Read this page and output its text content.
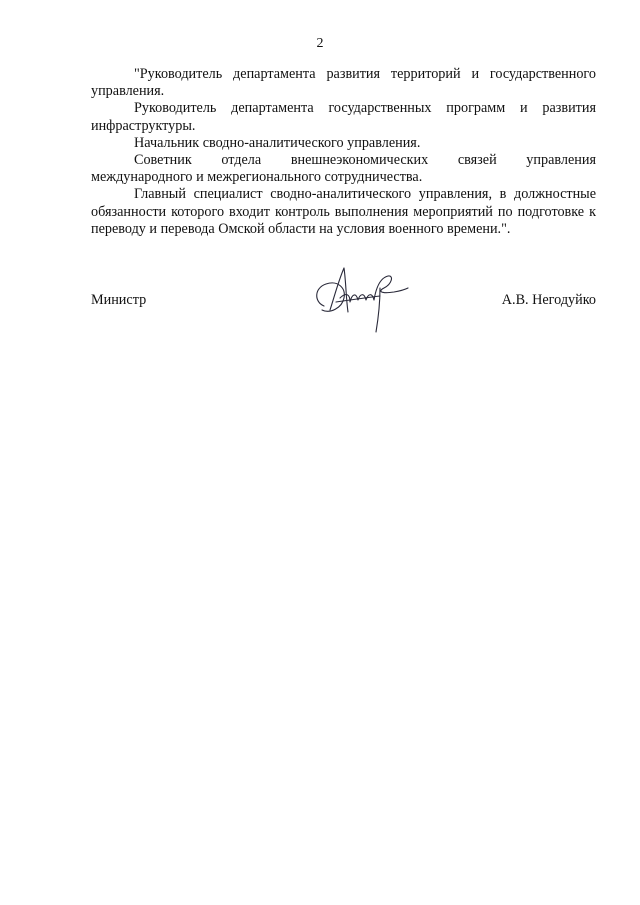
2

"Руководитель департамента развития территорий и государственного управления.

Руководитель департамента государственных программ и развития инфраструктуры.

Начальник сводно-аналитического управления.

Советник отдела внешнеэкономических связей управления международного и межрегионального сотрудничества.

Главный специалист сводно-аналитического управления, в должностные обязанности которого входит контроль выполнения мероприятий по подготовке к переводу и перевода Омской области на условия военного времени.".

Министр	А.В. Негодуйко
